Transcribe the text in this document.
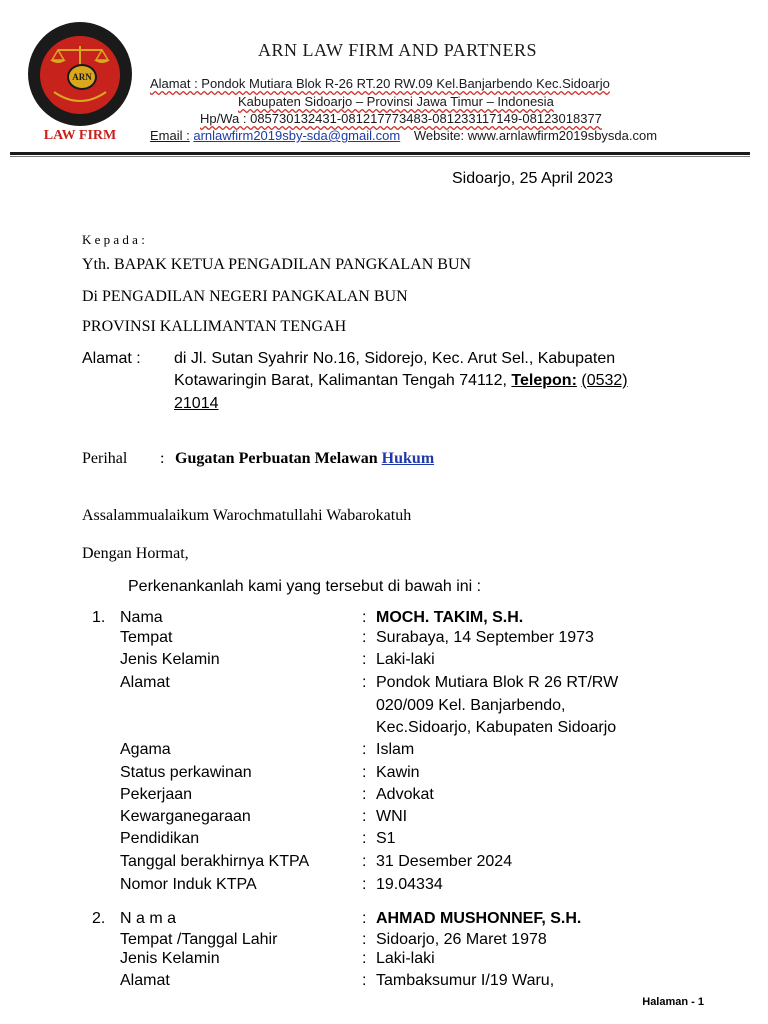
ARN
LAW FIRM
ARN LAW FIRM AND PARTNERS
Alamat : Pondok Mutiara Blok R-26 RT.20 RW.09 Kel.Banjarbendo Kec.Sidoarjo
Kabupaten Sidoarjo – Provinsi Jawa Timur – Indonesia
Hp/Wa : 085730132431-081217773483-081233117149-08123018377
Email : arnlawfirm2019sby-sda@gmail.com Website: www.arnlawfirm2019sbysda.com
Sidoarjo, 25 April 2023
K e p a d a :
Yth. BAPAK KETUA PENGADILAN PANGKALAN BUN
Di PENGADILAN NEGERI PANGKALAN BUN
PROVINSI KALLIMANTAN TENGAH
Alamat : di Jl. Sutan Syahrir No.16, Sidorejo, Kec. Arut Sel., Kabupaten
Kotawaringin Barat, Kalimantan Tengah 74112, Telepon: (0532)
21014
Perihal : Gugatan Perbuatan Melawan Hukum
Assalammualaikum Warochmatullahi Wabarokatuh
Dengan Hormat,
Perkenankanlah kami yang tersebut di bawah ini :
1. Nama	: MOCH. TAKIM, S.H.
Tempat	: Surabaya, 14 September 1973
Jenis Kelamin	: Laki-laki
Alamat	: Pondok Mutiara Blok R 26 RT/RW
020/009 Kel. Banjarbendo,
Kec.Sidoarjo, Kabupaten Sidoarjo
Agama	: Islam
Status perkawinan	: Kawin
Pekerjaan	: Advokat
Kewarganegaraan	: WNI
Pendidikan	: S1
Tanggal berakhirnya KTPA	: 31 Desember 2024
Nomor Induk KTPA	: 19.04334
2. N a m a	: AHMAD MUSHONNEF, S.H.
Tempat /Tanggal Lahir	: Sidoarjo, 26 Maret 1978
Jenis Kelamin	: Laki-laki
Alamat	: Tambaksumur I/19 Waru,
Halaman - 1
